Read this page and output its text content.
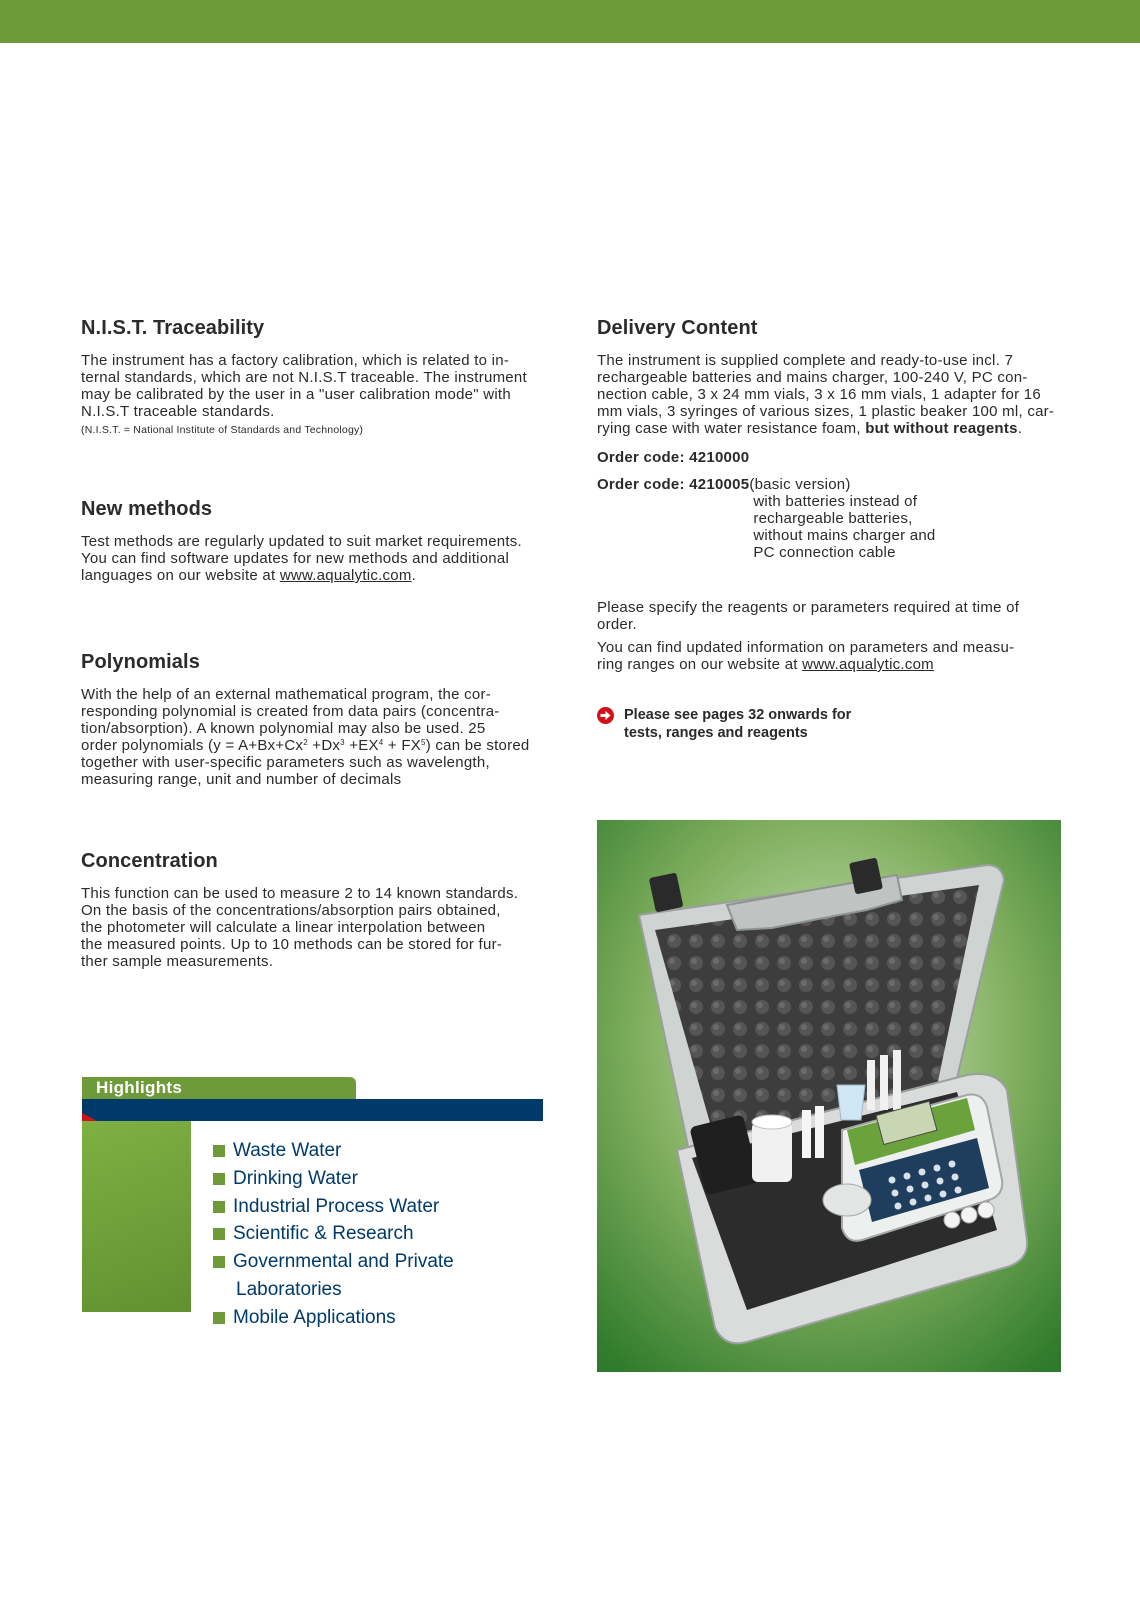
N.I.S.T. Traceability

The instrument has a factory calibration, which is related to in-
ternal standards, which are not N.I.S.T traceable. The instrument
may be calibrated by the user in a "user calibration mode" with
N.I.S.T traceable standards.

(N.I.S.T. = National Institute of Standards and Technology)

New methods

Test methods are regularly updated to suit market requirements.
You can find software updates for new methods and additional
languages on our website at www.aqualytic.com.

Polynomials

With the help of an external mathematical program, the cor-
responding polynomial is created from data pairs (concentra-
tion/absorption). A known polynomial may also be used. 25
order polynomials $(y = A+Bx+Cx^2 +Dx^3 +EX^4 + FX^5)$ can be stored
together with user-specific parameters such as wavelength,
measuring range, unit and number of decimals

Concentration

This function can be used to measure 2 to 14 known standards.
On the basis of the concentrations/absorption pairs obtained,
the photometer will calculate a linear interpolation between
the measured points. Up to 10 methods can be stored for fur-
ther sample measurements.

Delivery Content

The instrument is supplied complete and ready-to-use incl. 7
rechargeable batteries and mains charger, 100-240 V, PC con-
nection cable, 3 x 24 mm vials, 3 x 16 mm vials, 1 adapter for 16
mm vials, 3 syringes of various sizes, 1 plastic beaker 100 ml, car-
rying case with water resistance foam, but without reagents.

Order code: 4210000

Order code: 4210005 (basic version)
with batteries instead of
rechargeable batteries,
without mains charger and
PC connection cable

Please specify the reagents or parameters required at time of
order.

You can find updated information on parameters and measu-
ring ranges on our website at www.aqualytic.com

Please see pages 32 onwards for
tests, ranges and reagents
Highlights
Waste Water
Drinking Water
Industrial Process Water
Scientific & Research
Governmental and Private
Laboratories
Mobile Applications
